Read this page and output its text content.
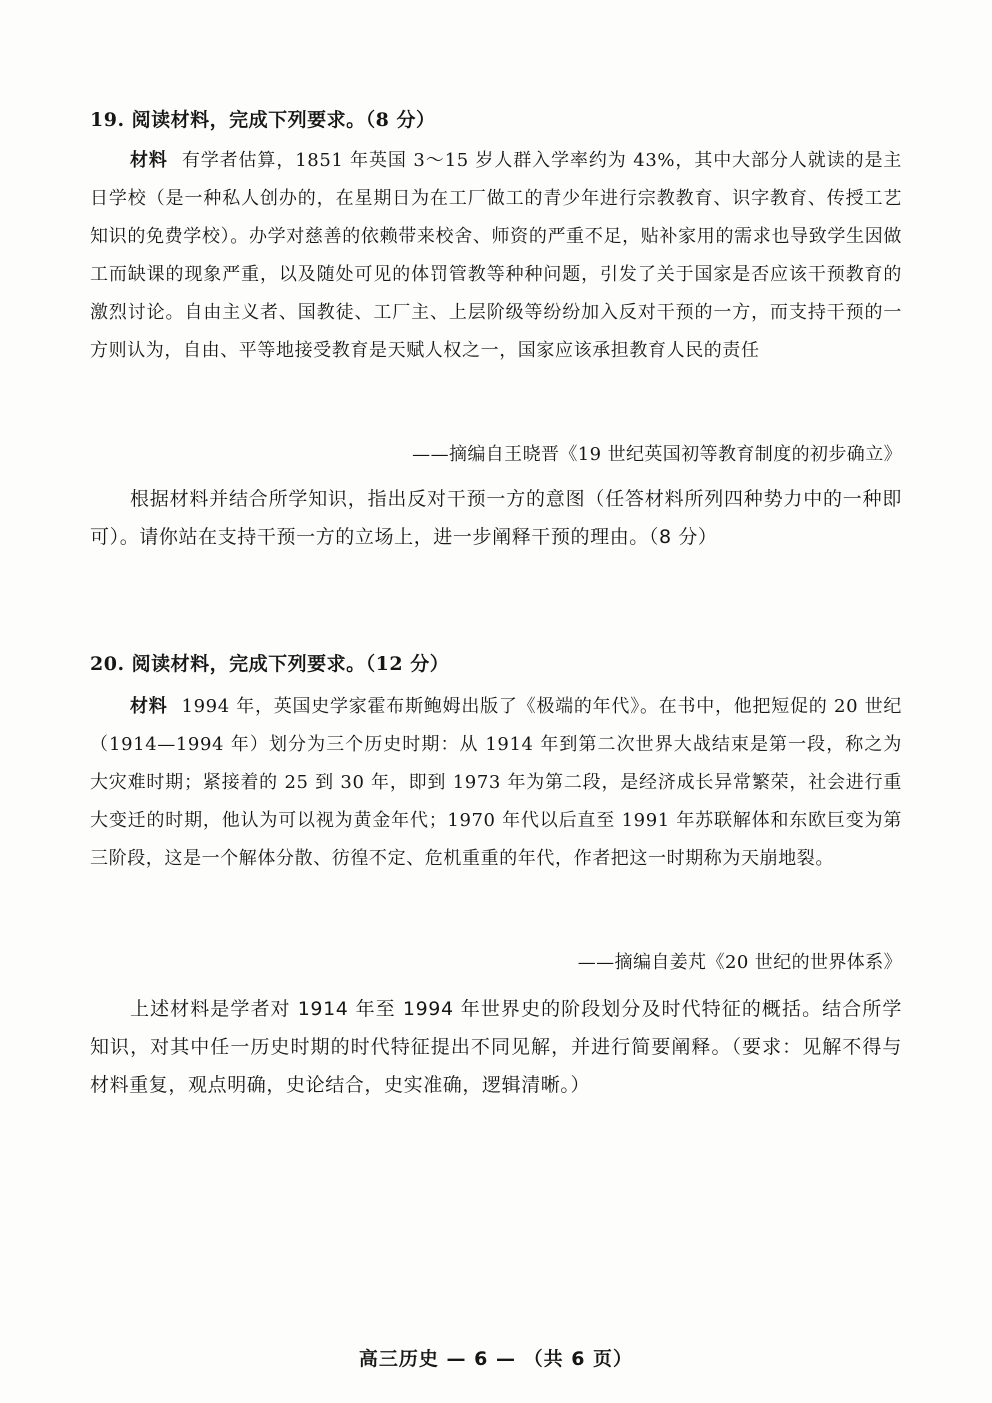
19. 阅读材料，完成下列要求。（8 分）

材料 有学者估算，1851 年英国 3～15 岁人群入学率约为 43%，其中大部分人就读的是主日学校（是一种私人创办的，在星期日为在工厂做工的青少年进行宗教教育、识字教育、传授工艺知识的免费学校）。办学对慈善的依赖带来校舍、师资的严重不足，贴补家用的需求也导致学生因做工而缺课的现象严重，以及随处可见的体罚管教等种种问题，引发了关于国家是否应该干预教育的激烈讨论。自由主义者、国教徒、工厂主、上层阶级等纷纷加入反对干预的一方，而支持干预的一方则认为，自由、平等地接受教育是天赋人权之一，国家应该承担教育人民的责任

——摘编自王晓晋《19 世纪英国初等教育制度的初步确立》

根据材料并结合所学知识，指出反对干预一方的意图（任答材料所列四种势力中的一种即可）。请你站在支持干预一方的立场上，进一步阐释干预的理由。（8 分）

20. 阅读材料，完成下列要求。（12 分）

材料 1994 年，英国史学家霍布斯鲍姆出版了《极端的年代》。在书中，他把短促的 20 世纪（1914—1994 年）划分为三个历史时期：从 1914 年到第二次世界大战结束是第一段，称之为大灾难时期；紧接着的 25 到 30 年，即到 1973 年为第二段，是经济成长异常繁荣，社会进行重大变迁的时期，他认为可以视为黄金年代；1970 年代以后直至 1991 年苏联解体和东欧巨变为第三阶段，这是一个解体分散、彷徨不定、危机重重的年代，作者把这一时期称为天崩地裂。

——摘编自姜芃《20 世纪的世界体系》

上述材料是学者对 1914 年至 1994 年世界史的阶段划分及时代特征的概括。结合所学知识，对其中任一历史时期的时代特征提出不同见解，并进行简要阐释。（要求：见解不得与材料重复，观点明确，史论结合，史实准确，逻辑清晰。）

高三历史 — 6 — （共 6 页）
